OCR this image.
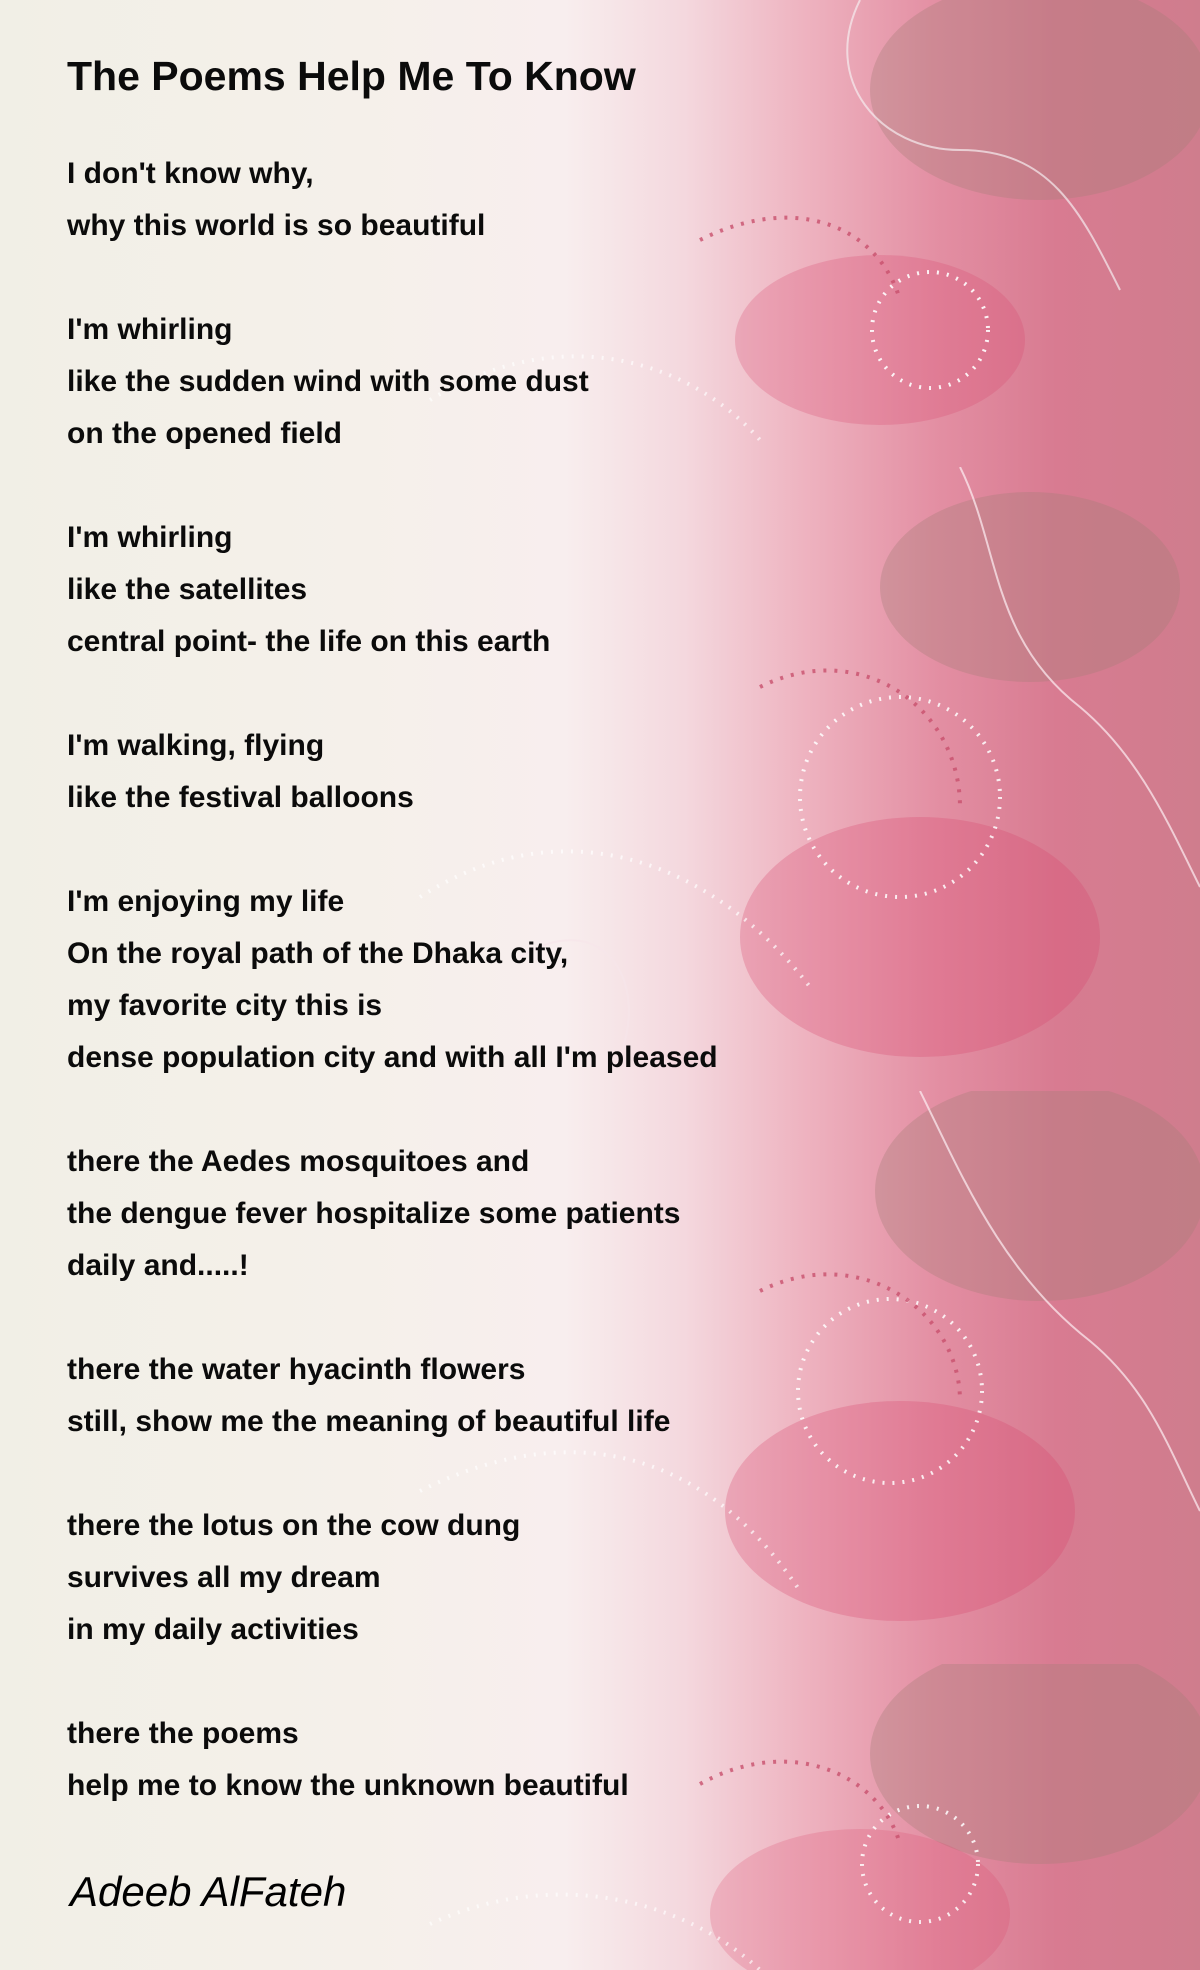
The Poems Help Me To Know
I don't know why,
why this world is so beautiful
I'm whirling
like the sudden wind with some dust
on the opened field
I'm whirling
like the satellites
central point- the life on this earth
I'm walking, flying
like the festival balloons
I'm enjoying my life
On the royal path of the Dhaka city,
my favorite city this is
dense population city and with all I'm pleased
there the Aedes mosquitoes and
the dengue fever hospitalize some patients
daily and.....!
there the water hyacinth flowers
still, show me the meaning of beautiful life
there the lotus on the cow dung
survives all my dream
in my daily activities
there the poems
help me to know the unknown beautiful
Adeeb AlFateh
